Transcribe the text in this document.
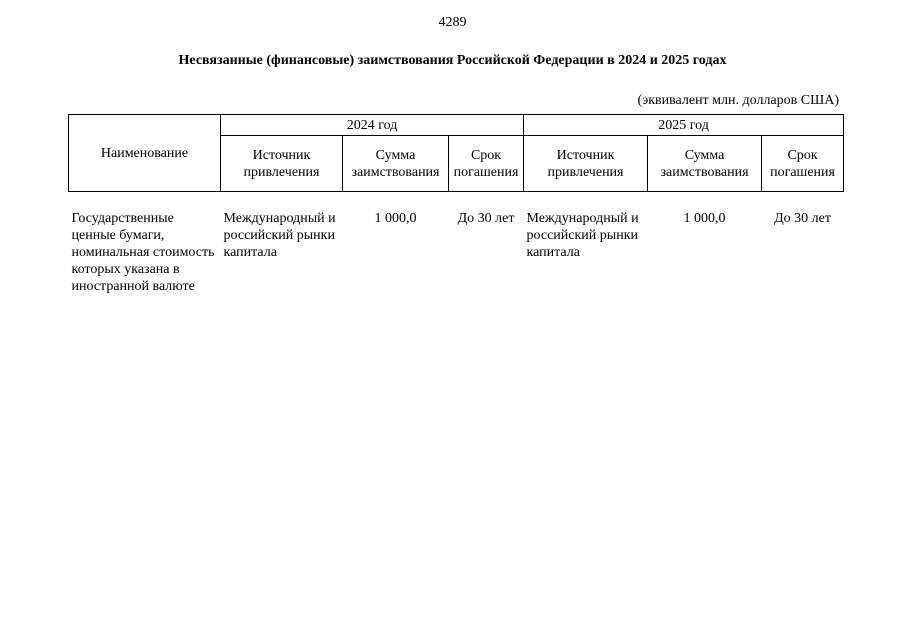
4289
Несвязанные (финансовые) заимствования Российской Федерации в 2024 и 2025 годах
(эквивалент млн. долларов США)
Наименование	2024 год			2025 год		
	Источник привлечения	Сумма заимствования	Срок погашения	Источник привлечения	Сумма заимствования	Срок погашения
Государственные ценные бумаги, номинальная стоимость которых указана в иностранной валюте	Международный и российский рынки капитала	1 000,0	До 30 лет	Международный и российский рынки капитала	1 000,0	До 30 лет
